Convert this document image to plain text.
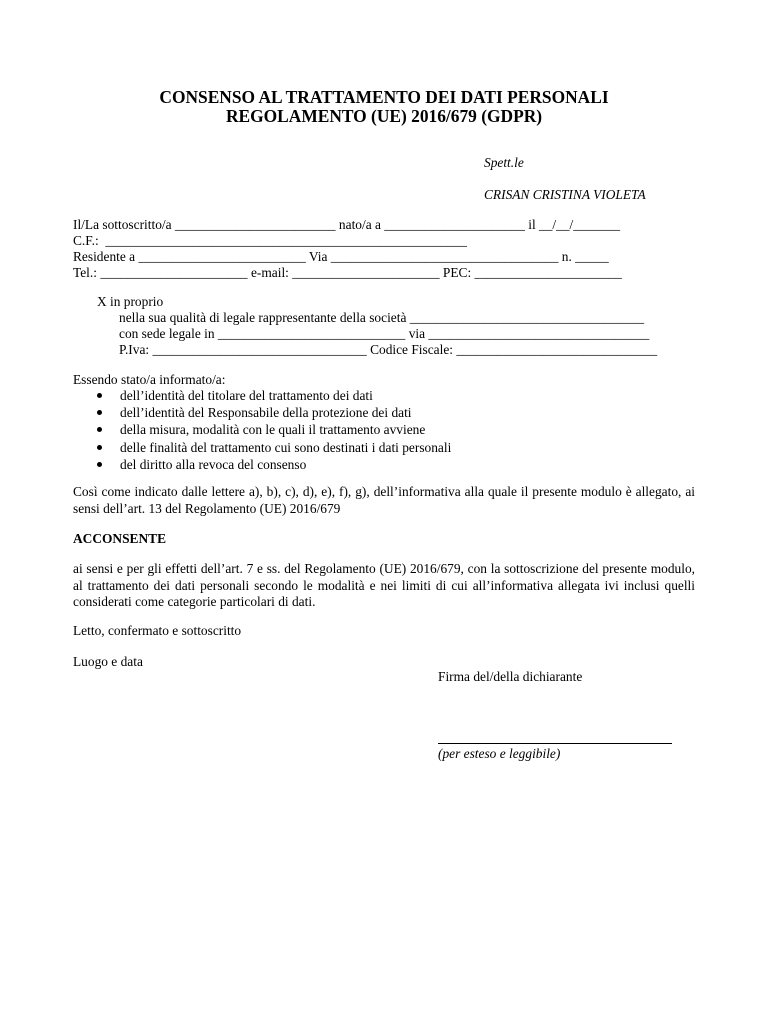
CONSENSO AL TRATTAMENTO DEI DATI PERSONALI
REGOLAMENTO (UE) 2016/679 (GDPR)
Spett.le
CRISAN CRISTINA VIOLETA
Il/La sottoscritto/a ________________________ nato/a a _____________________ il __/__/_______
C.F.:  ______________________________________________________
Residente a _________________________ Via __________________________________ n. _____
Tel.: ______________________ e-mail: ______________________ PEC: ______________________
X in proprio
nella sua qualità di legale rappresentante della società ___________________________________
con sede legale in ____________________________ via _________________________________
P.Iva: ________________________________ Codice Fiscale: ______________________________
Essendo stato/a informato/a:
dell’identità del titolare del trattamento dei dati
dell’identità del Responsabile della protezione dei dati
della misura, modalità con le quali il trattamento avviene
delle finalità del trattamento cui sono destinati i dati personali
del diritto alla revoca del consenso
Così come indicato dalle lettere a), b), c), d), e), f), g), dell’informativa alla quale il presente modulo è allegato, ai sensi dell’art. 13 del Regolamento (UE) 2016/679
ACCONSENTE
ai sensi e per gli effetti dell’art. 7 e ss. del Regolamento (UE) 2016/679, con la sottoscrizione del presente modulo, al trattamento dei dati personali secondo le modalità e nei limiti di cui all’informativa allegata ivi inclusi quelli considerati come categorie particolari di dati.
Letto, confermato e sottoscritto
Luogo e data
Firma del/della dichiarante
(per esteso e leggibile)
